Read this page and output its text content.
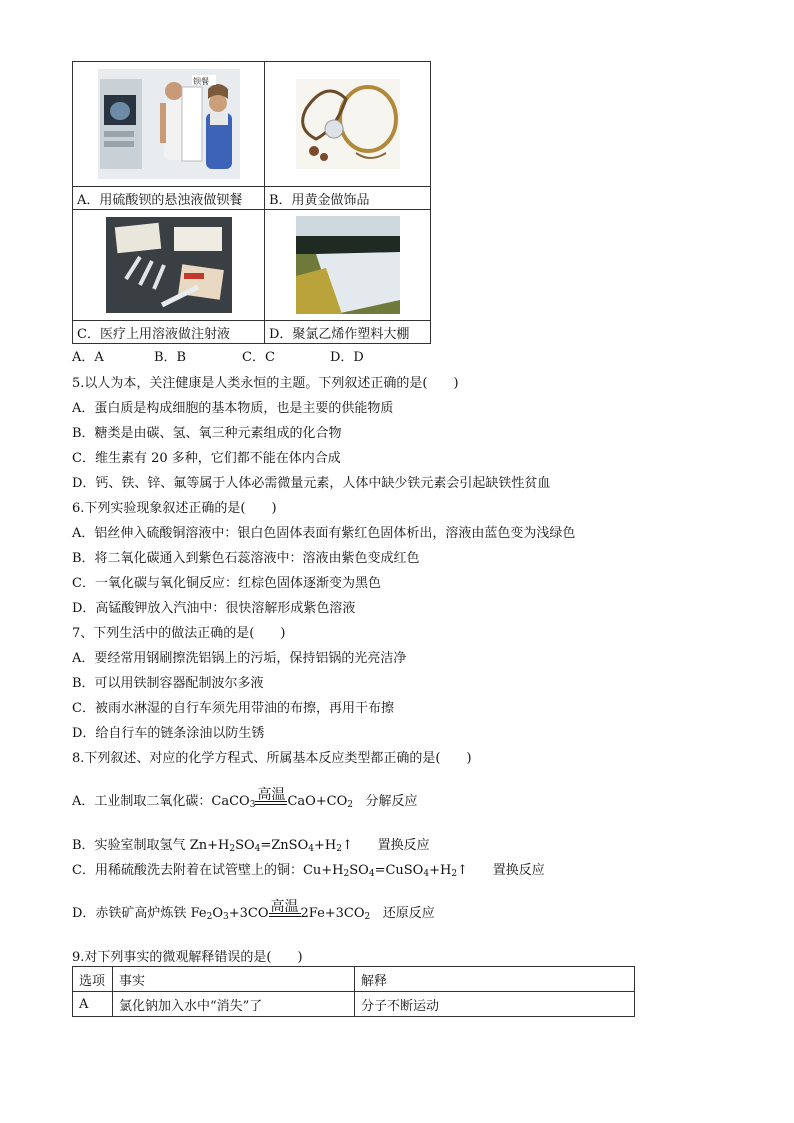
钡餐

A．用硫酸钡的悬浊液做钡餐	B．用黄金做饰品

C．医疗上用溶液做注射液	D．聚氯乙烯作塑料大棚
A．A	B．B	C．C	D．D
5.以人为本，关注健康是人类永恒的主题。下列叙述正确的是(　　)
A．蛋白质是构成细胞的基本物质，也是主要的供能物质
B．糖类是由碳、氢、氧三种元素组成的化合物
C．维生素有 20 多种，它们都不能在体内合成
D．钙、铁、锌、氟等属于人体必需微量元素，人体中缺少铁元素会引起缺铁性贫血
6.下列实验现象叙述正确的是(　　)
A．铝丝伸入硫酸铜溶液中：银白色固体表面有紫红色固体析出，溶液由蓝色变为浅绿色
B．将二氧化碳通入到紫色石蕊溶液中：溶液由紫色变成红色
C．一氧化碳与氧化铜反应：红棕色固体逐渐变为黑色
D．高锰酸钾放入汽油中：很快溶解形成紫色溶液
7、下列生活中的做法正确的是(　　)
A．要经常用钢刷擦洗铝锅上的污垢，保持铝锅的光亮洁净
B．可以用铁制容器配制波尔多液
C．被雨水淋湿的自行车须先用带油的布擦，再用干布擦
D．给自行车的链条涂油以防生锈
8.下列叙述、对应的化学方程式、所属基本反应类型都正确的是(　　)
A．工业制取二氧化碳：CaCO$_3$
高温 $CaO+CO_2$ 分解反应
B．实验室制取氢气 $Zn+H_2SO_4=ZnSO_4+H_2↑$ 置换反应
C．用稀硫酸洗去附着在试管壁上的铜：$Cu+H_2SO_4=CuSO_4+H_2↑$ 置换反应
D．赤铁矿高炉炼铁 $Fe_2O_3+3CO$ 高温 $2Fe+3CO_2$ 还原反应
9.对下列事实的微观解释错误的是(　　)
选项	事实	解释
A	氯化钠加入水中“消失”了	分子不断运动
